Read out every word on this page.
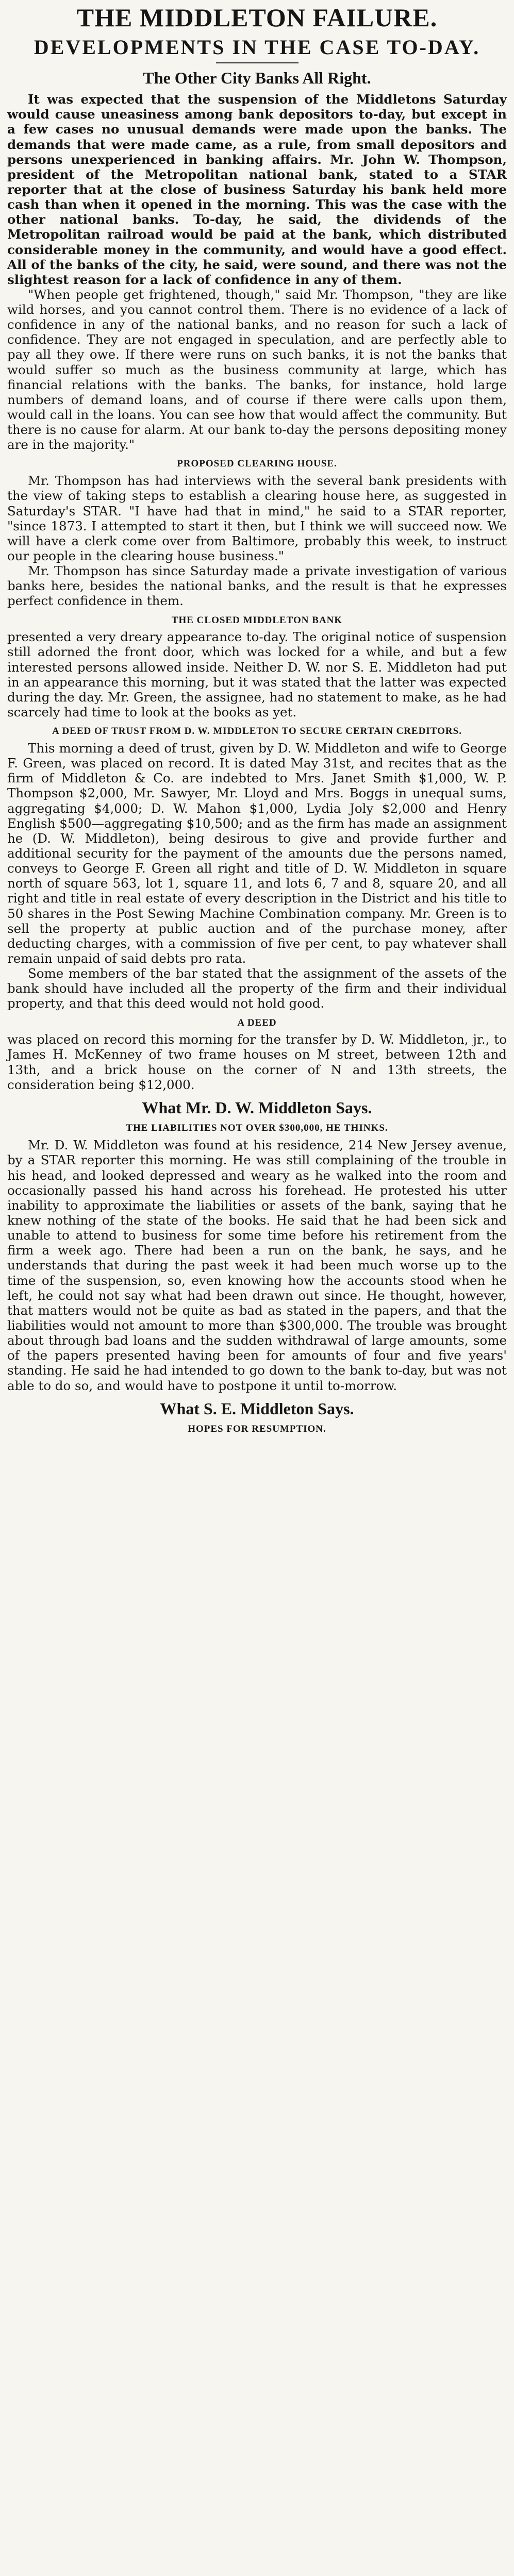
THE MIDDLETON FAILURE.
DEVELOPMENTS IN THE CASE TO-DAY.
The Other City Banks All Right.

It was expected that the suspension of the Middletons Saturday would cause uneasiness among bank depositors to-day, but except in a few cases no unusual demands were made upon the banks. The demands that were made came, as a rule, from small depositors and persons unexperienced in banking affairs. Mr. John W. Thompson, president of the Metropolitan national bank, stated to a STAR reporter that at the close of business Saturday his bank held more cash than when it opened in the morning. This was the case with the other national banks. To-day, he said, the dividends of the Metropolitan railroad would be paid at the bank, which distributed considerable money in the community, and would have a good effect. All of the banks of the city, he said, were sound, and there was not the slightest reason for a lack of confidence in any of them.

"When people get frightened, though," said Mr. Thompson, "they are like wild horses, and you cannot control them. There is no evidence of a lack of confidence in any of the national banks, and no reason for such a lack of confidence. They are not engaged in speculation, and are perfectly able to pay all they owe. If there were runs on such banks, it is not the banks that would suffer so much as the business community at large, which has financial relations with the banks. The banks, for instance, hold large numbers of demand loans, and of course if there were calls upon them, would call in the loans. You can see how that would affect the community. But there is no cause for alarm. At our bank to-day the persons depositing money are in the majority."

PROPOSED CLEARING HOUSE.

Mr. Thompson has had interviews with the several bank presidents with the view of taking steps to establish a clearing house here, as suggested in Saturday's STAR. "I have had that in mind," he said to a STAR reporter, "since 1873. I attempted to start it then, but I think we will succeed now. We will have a clerk come over from Baltimore, probably this week, to instruct our people in the clearing house business."

Mr. Thompson has since Saturday made a private investigation of various banks here, besides the national banks, and the result is that he expresses perfect confidence in them.

THE CLOSED MIDDLETON BANK

presented a very dreary appearance to-day. The original notice of suspension still adorned the front door, which was locked for a while, and but a few interested persons allowed inside. Neither D. W. nor S. E. Middleton had put in an appearance this morning, but it was stated that the latter was expected during the day. Mr. Green, the assignee, had no statement to make, as he had scarcely had time to look at the books as yet.

A DEED OF TRUST FROM D. W. MIDDLETON TO SECURE CERTAIN CREDITORS.

This morning a deed of trust, given by D. W. Middleton and wife to George F. Green, was placed on record. It is dated May 31st, and recites that as the firm of Middleton & Co. are indebted to Mrs. Janet Smith $1,000, W. P. Thompson $2,000, Mr. Sawyer, Mr. Lloyd and Mrs. Boggs in unequal sums, aggregating $4,000; D. W. Mahon $1,000, Lydia Joly $2,000 and Henry English $500—aggregating $10,500; and as the firm has made an assignment he (D. W. Middleton), being desirous to give and provide further and additional security for the payment of the amounts due the persons named, conveys to George F. Green all right and title of D. W. Middleton in square north of square 563, lot 1, square 11, and lots 6, 7 and 8, square 20, and all right and title in real estate of every description in the District and his title to 50 shares in the Post Sewing Machine Combination company. Mr. Green is to sell the property at public auction and of the purchase money, after deducting charges, with a commission of five per cent, to pay whatever shall remain unpaid of said debts pro rata.

Some members of the bar stated that the assignment of the assets of the bank should have included all the property of the firm and their individual property, and that this deed would not hold good.

A DEED

was placed on record this morning for the transfer by D. W. Middleton, jr., to James H. McKenney of two frame houses on M street, between 12th and 13th, and a brick house on the corner of N and 13th streets, the consideration being $12,000.

What Mr. D. W. Middleton Says.
THE LIABILITIES NOT OVER $300,000, HE THINKS.

Mr. D. W. Middleton was found at his residence, 214 New Jersey avenue, by a STAR reporter this morning. He was still complaining of the trouble in his head, and looked depressed and weary as he walked into the room and occasionally passed his hand across his forehead. He protested his utter inability to approximate the liabilities or assets of the bank, saying that he knew nothing of the state of the books. He said that he had been sick and unable to attend to business for some time before his retirement from the firm a week ago. There had been a run on the bank, he says, and he understands that during the past week it had been much worse up to the time of the suspension, so, even knowing how the accounts stood when he left, he could not say what had been drawn out since. He thought, however, that matters would not be quite as bad as stated in the papers, and that the liabilities would not amount to more than $300,000. The trouble was brought about through bad loans and the sudden withdrawal of large amounts, some of the papers presented having been for amounts of four and five years' standing. He said he had intended to go down to the bank to-day, but was not able to do so, and would have to postpone it until to-morrow.

What S. E. Middleton Says.
HOPES FOR RESUMPTION.
